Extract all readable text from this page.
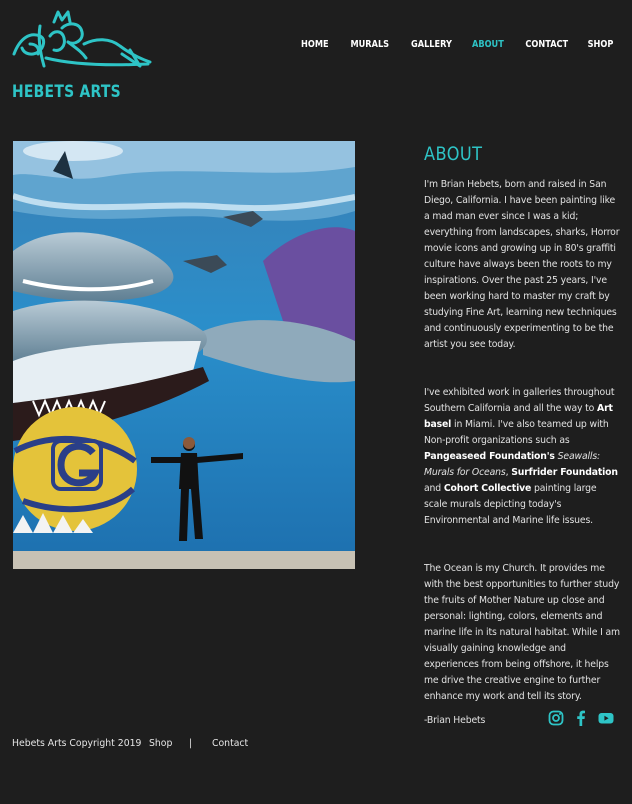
HEBETS ARTS
HOME MURALS GALLERY ABOUT CONTACT SHOP
ABOUT

I'm Brian Hebets, born and raised in San Diego, California. I have been painting like a mad man ever since I was a kid; everything from landscapes, sharks, Horror movie icons and growing up in 80's graffiti culture have always been the roots to my inspirations. Over the past 25 years, I've been working hard to master my craft by studying Fine Art, learning new techniques and continuously experimenting to be the artist you see today.

I've exhibited work in galleries throughout Southern California and all the way to Art basel in Miami. I've also teamed up with Non-profit organizations such as Pangeaseed Foundation's Seawalls: Murals for Oceans, Surfrider Foundation and Cohort Collective painting large scale murals depicting today's Environmental and Marine life issues.

The Ocean is my Church. It provides me with the best opportunities to further study the fruits of Mother Nature up close and personal: lighting, colors, elements and marine life in its natural habitat. While I am visually gaining knowledge and experiences from being offshore, it helps me drive the creative engine to further enhance my work and tell its story.

-Brian Hebets

Hebets Arts Copyright 2019 Shop | Contact
